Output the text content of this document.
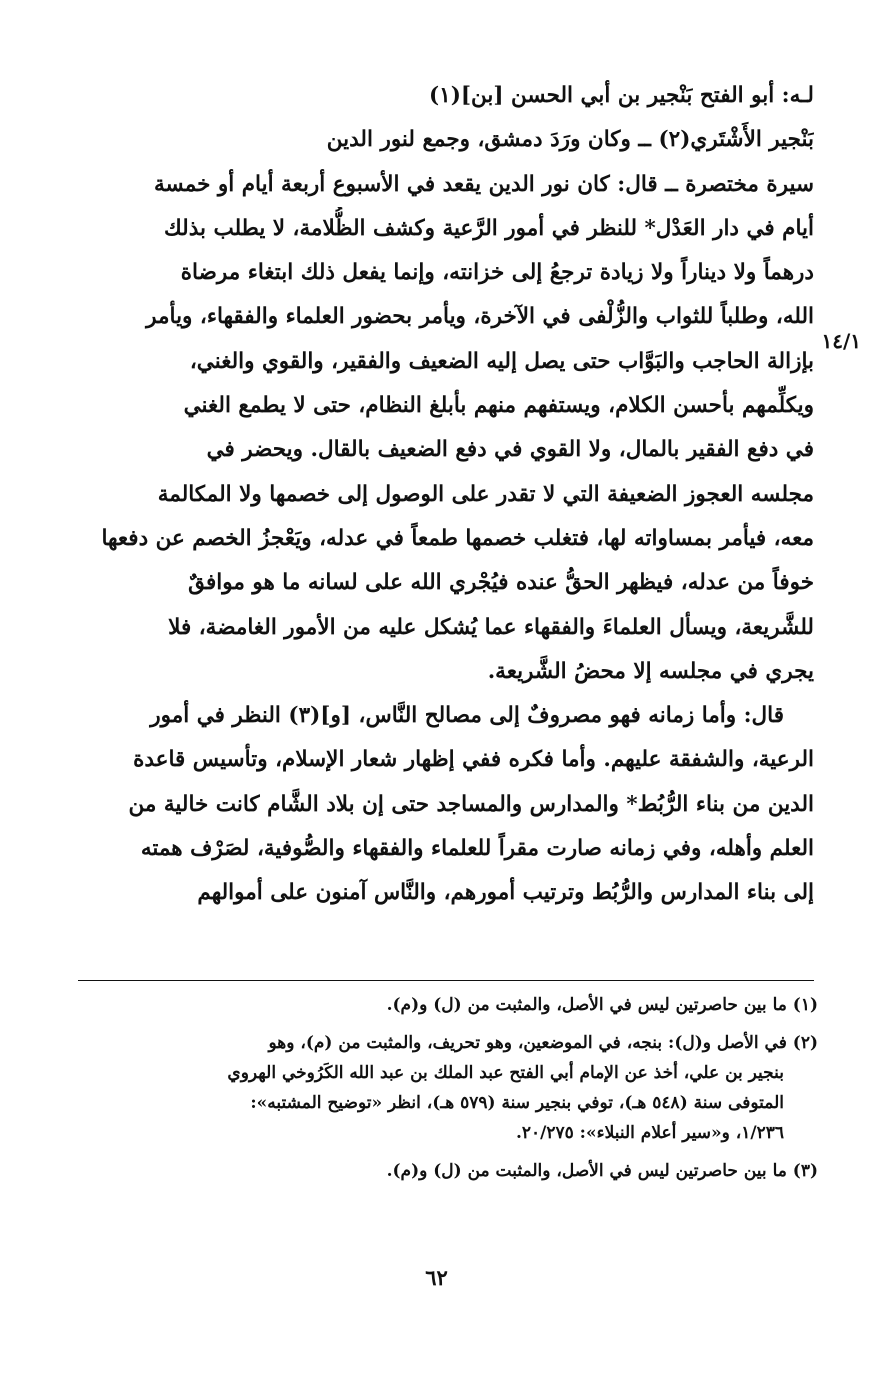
لـه: أبو الفتح بَنْجير بن أبي الحسن [بن](١)
بَنْجير الأَشْتَري(٢) ــ وكان ورَدَ دمشق، وجمع لنور الدين
سيرة مختصرة ــ قال: كان نور الدين يقعد في الأسبوع أربعة أيام أو خمسة
أيام في دار العَدْل* للنظر في أمور الرَّعية وكشف الظُّلامة، لا يطلب بذلك
درهماً ولا ديناراً ولا زيادة ترجعُ إلى خزانته، وإنما يفعل ذلك ابتغاء مرضاة
الله، وطلباً للثواب والزُّلْفى في الآخرة، ويأمر بحضور العلماء والفقهاء، ويأمر
بإزالة الحاجب والبَوَّاب حتى يصل إليه الضعيف والفقير، والقوي والغني،
ويكلِّمهم بأحسن الكلام، ويستفهم منهم بأبلغ النظام، حتى لا يطمع الغني
في دفع الفقير بالمال، ولا القوي في دفع الضعيف بالقال. ويحضر في
مجلسه العجوز الضعيفة التي لا تقدر على الوصول إلى خصمها ولا المكالمة
معه، فيأمر بمساواته لها، فتغلب خصمها طمعاً في عدله، ويَعْجزُ الخصم عن دفعها
خوفاً من عدله، فيظهر الحقُّ عنده فيُجْري الله على لسانه ما هو موافقٌ
للشَّريعة، ويسأل العلماءَ والفقهاء عما يُشكل عليه من الأمور الغامضة، فلا
يجري في مجلسه إلا محضُ الشَّريعة.
قال: وأما زمانه فهو مصروفٌ إلى مصالح النَّاس، [و](٣) النظر في أمور
الرعية، والشفقة عليهم. وأما فكره ففي إظهار شعار الإسلام، وتأسيس قاعدة
الدين من بناء الرُّبُط* والمدارس والمساجد حتى إن بلاد الشَّام كانت خالية من
العلم وأهله، وفي زمانه صارت مقراً للعلماء والفقهاء والصُّوفية، لصَرْف همته
إلى بناء المدارس والرُّبُط وترتيب أمورهم، والنَّاس آمنون على أموالهم
١٤/١
(١) ما بين حاصرتين ليس في الأصل، والمثبت من (ل) و(م).
(٢) في الأصل و(ل): بنجه، في الموضعين، وهو تحريف، والمثبت من (م)، وهو
بنجير بن علي، أخذ عن الإمام أبي الفتح عبد الملك بن عبد الله الكَرُوخي الهروي
المتوفى سنة (٥٤٨ هـ)، توفي بنجير سنة (٥٧٩ هـ)، انظر «توضيح المشتبه»:
١/٢٣٦، و«سير أعلام النبلاء»: ٢٠/٢٧٥.
(٣) ما بين حاصرتين ليس في الأصل، والمثبت من (ل) و(م).
٦٢
